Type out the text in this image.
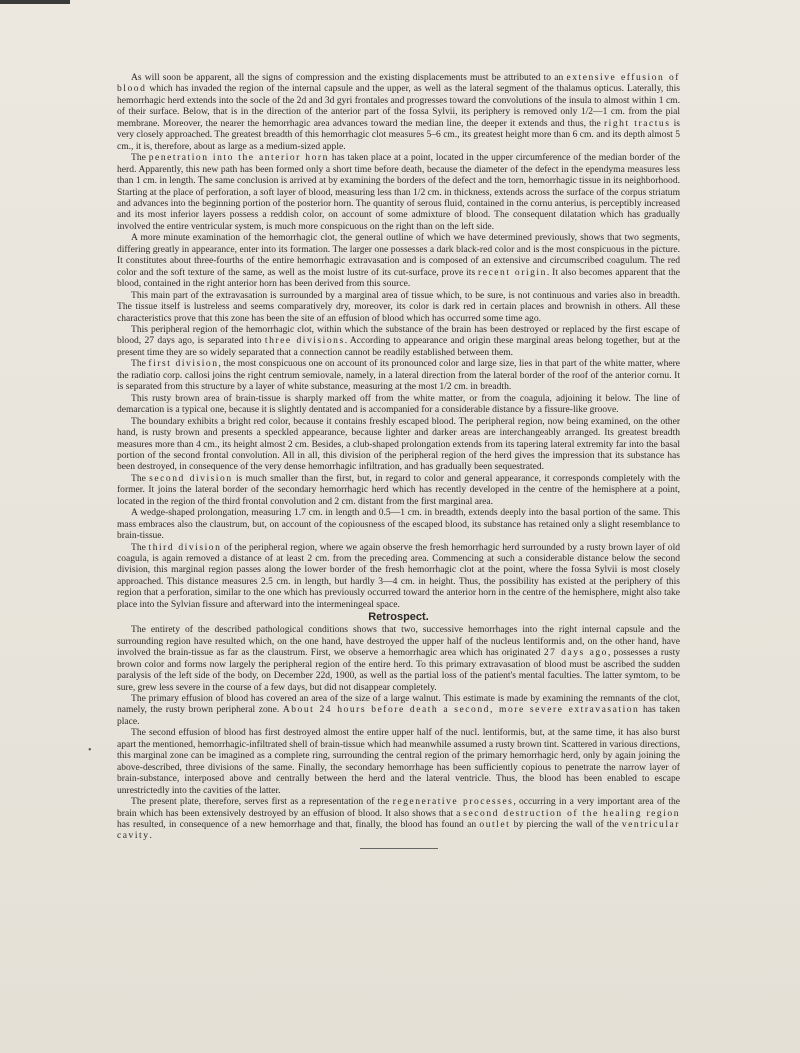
•

As will soon be apparent, all the signs of compression and the existing displacements must be attributed to an extensive effusion of blood which has invaded the region of the internal capsule and the upper, as well as the lateral segment of the thalamus opticus. Laterally, this hemorrhagic herd extends into the socle of the 2d and 3d gyri frontales and progresses toward the convolutions of the insula to almost within 1 cm. of their surface. Below, that is in the direction of the anterior part of the fossa Sylvii, its periphery is removed only 1/2—1 cm. from the pial membrane. Moreover, the nearer the hemorrhagic area advances toward the median line, the deeper it extends and thus, the right tractus is very closely approached. The greatest breadth of this hemorrhagic clot measures 5–6 cm., its greatest height more than 6 cm. and its depth almost 5 cm., it is, therefore, about as large as a medium-sized apple.

The penetration into the anterior horn has taken place at a point, located in the upper circumference of the median border of the herd. Apparently, this new path has been formed only a short time before death, because the diameter of the defect in the ependyma measures less than 1 cm. in length. The same conclusion is arrived at by examining the borders of the defect and the torn, hemorrhagic tissue in its neighborhood. Starting at the place of perforation, a soft layer of blood, measuring less than 1/2 cm. in thickness, extends across the surface of the corpus striatum and advances into the beginning portion of the posterior horn. The quantity of serous fluid, contained in the cornu anterius, is perceptibly increased and its most inferior layers possess a reddish color, on account of some admixture of blood. The consequent dilatation which has gradually involved the entire ventricular system, is much more conspicuous on the right than on the left side.

A more minute examination of the hemorrhagic clot, the general outline of which we have determined previously, shows that two segments, differing greatly in appearance, enter into its formation. The larger one possesses a dark black-red color and is the most conspicuous in the picture. It constitutes about three-fourths of the entire hemorrhagic extravasation and is composed of an extensive and circumscribed coagulum. The red color and the soft texture of the same, as well as the moist lustre of its cut-surface, prove its recent origin. It also becomes apparent that the blood, contained in the right anterior horn has been derived from this source.

This main part of the extravasation is surrounded by a marginal area of tissue which, to be sure, is not continuous and varies also in breadth. The tissue itself is lustreless and seems comparatively dry, moreover, its color is dark red in certain places and brownish in others. All these characteristics prove that this zone has been the site of an effusion of blood which has occurred some time ago.

This peripheral region of the hemorrhagic clot, within which the substance of the brain has been destroyed or replaced by the first escape of blood, 27 days ago, is separated into three divisions. According to appearance and origin these marginal areas belong together, but at the present time they are so widely separated that a connection cannot be readily established between them.

The first division, the most conspicuous one on account of its pronounced color and large size, lies in that part of the white matter, where the radiatio corp. callosi joins the right centrum semiovale, namely, in a lateral direction from the lateral border of the roof of the anterior cornu. It is separated from this structure by a layer of white substance, measuring at the most 1/2 cm. in breadth.

This rusty brown area of brain-tissue is sharply marked off from the white matter, or from the coagula, adjoining it below. The line of demarcation is a typical one, because it is slightly dentated and is accompanied for a considerable distance by a fissure-like groove.

The boundary exhibits a bright red color, because it contains freshly escaped blood. The peripheral region, now being examined, on the other hand, is rusty brown and presents a speckled appearance, because lighter and darker areas are interchangeably arranged. Its greatest breadth measures more than 4 cm., its height almost 2 cm. Besides, a club-shaped prolongation extends from its tapering lateral extremity far into the basal portion of the second frontal convolution. All in all, this division of the peripheral region of the herd gives the impression that its substance has been destroyed, in consequence of the very dense hemorrhagic infiltration, and has gradually been sequestrated.

The second division is much smaller than the first, but, in regard to color and general appearance, it corresponds completely with the former. It joins the lateral border of the secondary hemorrhagic herd which has recently developed in the centre of the hemisphere at a point, located in the region of the third frontal convolution and 2 cm. distant from the first marginal area.

A wedge-shaped prolongation, measuring 1.7 cm. in length and 0.5—1 cm. in breadth, extends deeply into the basal portion of the same. This mass embraces also the claustrum, but, on account of the copiousness of the escaped blood, its substance has retained only a slight resemblance to brain-tissue.

The third division of the peripheral region, where we again observe the fresh hemorrhagic herd surrounded by a rusty brown layer of old coagula, is again removed a distance of at least 2 cm. from the preceding area. Commencing at such a considerable distance below the second division, this marginal region passes along the lower border of the fresh hemorrhagic clot at the point, where the fossa Sylvii is most closely approached. This distance measures 2.5 cm. in length, but hardly 3—4 cm. in height. Thus, the possibility has existed at the periphery of this region that a perforation, similar to the one which has previously occurred toward the anterior horn in the centre of the hemisphere, might also take place into the Sylvian fissure and afterward into the intermeningeal space.

Retrospect.

The entirety of the described pathological conditions shows that two, successive hemorrhages into the right internal capsule and the surrounding region have resulted which, on the one hand, have destroyed the upper half of the nucleus lentiformis and, on the other hand, have involved the brain-tissue as far as the claustrum. First, we observe a hemorrhagic area which has originated 27 days ago, possesses a rusty brown color and forms now largely the peripheral region of the entire herd. To this primary extravasation of blood must be ascribed the sudden paralysis of the left side of the body, on December 22d, 1900, as well as the partial loss of the patient's mental faculties. The latter symtom, to be sure, grew less severe in the course of a few days, but did not disappear completely.

The primary effusion of blood has covered an area of the size of a large walnut. This estimate is made by examining the remnants of the clot, namely, the rusty brown peripheral zone. About 24 hours before death a second, more severe extravasation has taken place.

The second effusion of blood has first destroyed almost the entire upper half of the nucl. lentiformis, but, at the same time, it has also burst apart the mentioned, hemorrhagic-infiltrated shell of brain-tissue which had meanwhile assumed a rusty brown tint. Scattered in various directions, this marginal zone can be imagined as a complete ring, surrounding the central region of the primary hemorrhagic herd, only by again joining the above-described, three divisions of the same. Finally, the secondary hemorrhage has been sufficiently copious to penetrate the narrow layer of brain-substance, interposed above and centrally between the herd and the lateral ventricle. Thus, the blood has been enabled to escape unrestrictedly into the cavities of the latter.

The present plate, therefore, serves first as a representation of the regenerative processes, occurring in a very important area of the brain which has been extensively destroyed by an effusion of blood. It also shows that a second destruction of the healing region has resulted, in consequence of a new hemorrhage and that, finally, the blood has found an outlet by piercing the wall of the ventricular cavity.
